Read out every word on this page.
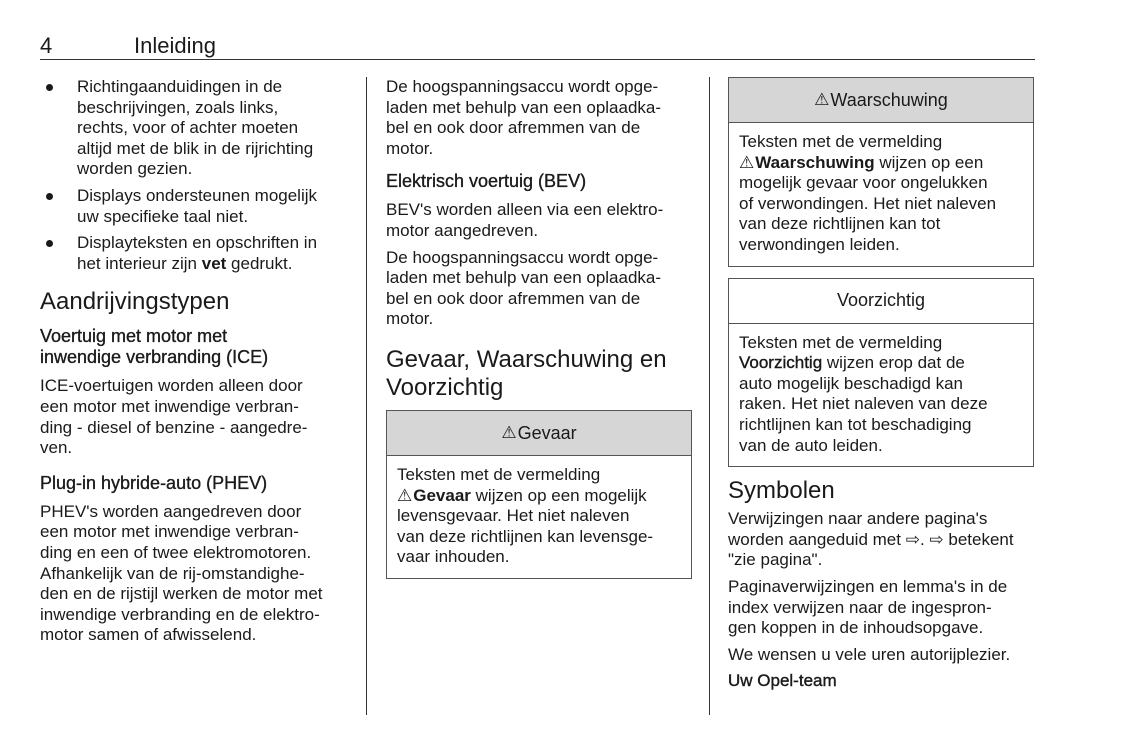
4	Inleiding
Richtingaanduidingen in de
beschrijvingen, zoals links,
rechts, voor of achter moeten
altijd met de blik in de rijrichting
worden gezien.
Displays ondersteunen mogelijk
uw specifieke taal niet.
Displayteksten en opschriften in
het interieur zijn vet gedrukt.
Aandrijvingstypen
Voertuig met motor met
inwendige verbranding (ICE)
ICE-voertuigen worden alleen door
een motor met inwendige verbran-
ding - diesel of benzine - aangedre-
ven.
Plug-in hybride-auto (PHEV)
PHEV's worden aangedreven door
een motor met inwendige verbran-
ding en een of twee elektromotoren.
Afhankelijk van de rij-omstandighe-
den en de rijstijl werken de motor met
inwendige verbranding en de elektro-
motor samen of afwisselend.
De hoogspanningsaccu wordt opge-
laden met behulp van een oplaadka-
bel en ook door afremmen van de
motor.
Elektrisch voertuig (BEV)
BEV's worden alleen via een elektro-
motor aangedreven.
De hoogspanningsaccu wordt opge-
laden met behulp van een oplaadka-
bel en ook door afremmen van de
motor.
Gevaar, Waarschuwing en
Voorzichtig
⚠ Gevaar
Teksten met de vermelding
⚠Gevaar wijzen op een mogelijk
levensgevaar. Het niet naleven
van deze richtlijnen kan levensge-
vaar inhouden.
⚠ Waarschuwing
Teksten met de vermelding
⚠Waarschuwing wijzen op een
mogelijk gevaar voor ongelukken
of verwondingen. Het niet naleven
van deze richtlijnen kan tot
verwondingen leiden.
Voorzichtig
Teksten met de vermelding
Voorzichtig wijzen erop dat de
auto mogelijk beschadigd kan
raken. Het niet naleven van deze
richtlijnen kan tot beschadiging
van de auto leiden.
Symbolen
Verwijzingen naar andere pagina's
worden aangeduid met ⇨. ⇨ betekent
"zie pagina".
Paginaverwijzingen en lemma's in de
index verwijzen naar de ingespron-
gen koppen in de inhoudsopgave.
We wensen u vele uren autorijplezier.
Uw Opel-team
